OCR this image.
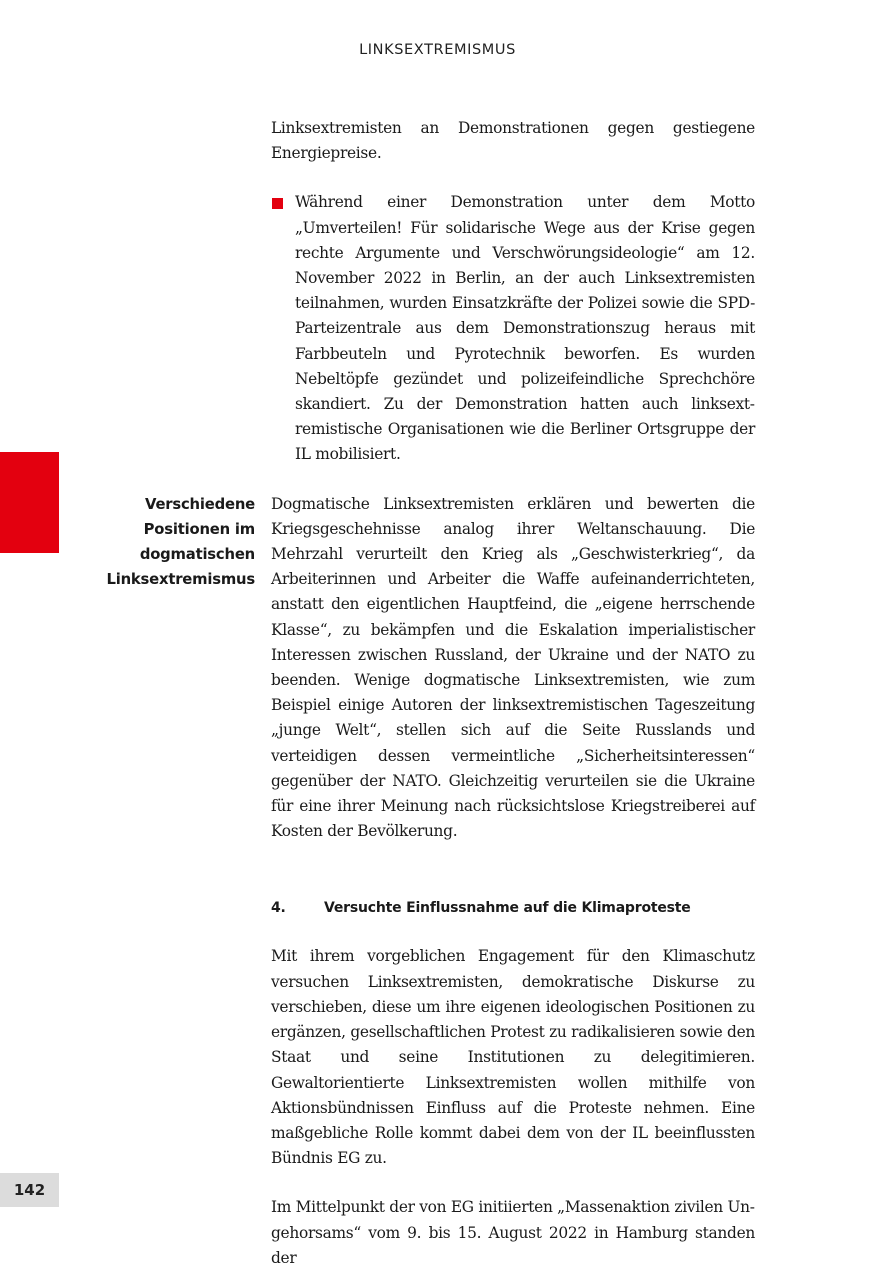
LINKSEXTREMISMUS
142

Linksextremisten an Demonstrationen gegen gestiegene Energiepreise.

Während einer Demonstration unter dem Motto „Umverteilen! Für solidarische Wege aus der Krise gegen rechte Argumente und Verschwörungsideologie“ am 12. November 2022 in Berlin, an der auch Linksextremisten teilnahmen, wurden Einsatzkräfte der Polizei sowie die SPD-Parteizentrale aus dem Demonstrationszug heraus mit Farbbeuteln und Pyrotechnik beworfen. Es wurden Nebeltöpfe gezündet und polizeifeindliche Sprechchöre skandiert. Zu der Demonstration hatten auch linksextremistische Organisationen wie die Berliner Ortsgruppe der IL mobilisiert.

Verschiedene Positionen im dogmatischen Linksextremismus

Dogmatische Linksextremisten erklären und bewerten die Kriegsgeschehnisse analog ihrer Weltanschauung. Die Mehrzahl verurteilt den Krieg als „Geschwisterkrieg“, da Arbeiterinnen und Arbeiter die Waffe aufeinanderrichteten, anstatt den eigentlichen Hauptfeind, die „eigene herrschende Klasse“, zu bekämpfen und die Eskalation imperialistischer Interessen zwischen Russland, der Ukraine und der NATO zu beenden. Wenige dogmatische Linksextremisten, wie zum Beispiel einige Autoren der linksextremistischen Tageszeitung „junge Welt“, stellen sich auf die Seite Russlands und verteidigen dessen vermeintliche „Sicherheitsinteressen“ gegenüber der NATO. Gleichzeitig verurteilen sie die Ukraine für eine ihrer Meinung nach rücksichtslose Kriegstreiberei auf Kosten der Bevölkerung.

4.	Versuchte Einflussnahme auf die Klimaproteste

Mit ihrem vorgeblichen Engagement für den Klimaschutz versuchen Linksextremisten, demokratische Diskurse zu verschieben, diese um ihre eigenen ideologischen Positionen zu ergänzen, gesellschaftlichen Protest zu radikalisieren sowie den Staat und seine Institutionen zu delegitimieren. Gewaltorientierte Linksextremisten wollen mithilfe von Aktionsbündnissen Einfluss auf die Proteste nehmen. Eine maßgebliche Rolle kommt dabei dem von der IL beeinflussten Bündnis EG zu.

Im Mittelpunkt der von EG initiierten „Massenaktion zivilen Ungehorsams“ vom 9. bis 15. August 2022 in Hamburg standen der
